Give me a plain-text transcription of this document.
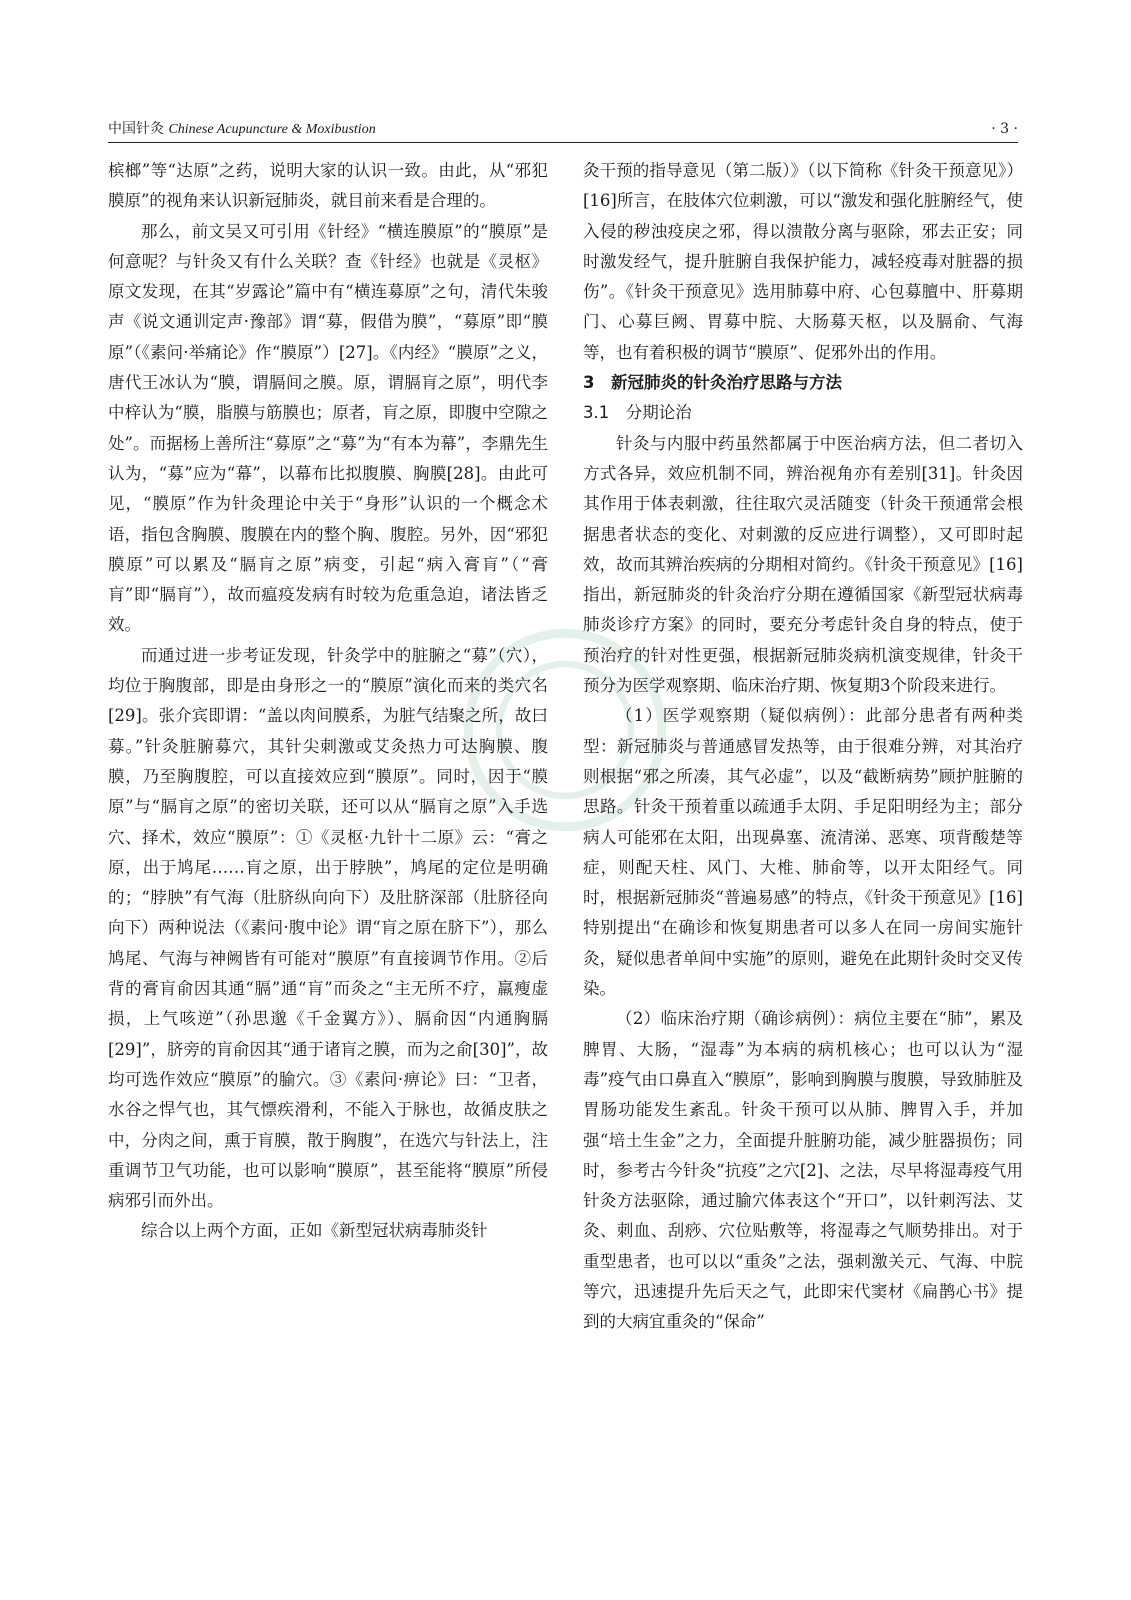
中国针灸 Chinese Acupuncture & Moxibustion	· 3 ·

槟榔”等“达原”之药，说明大家的认识一致。由此，从“邪犯膜原”的视角来认识新冠肺炎，就目前来看是合理的。

那么，前文吴又可引用《针经》“横连膜原”的“膜原”是何意呢？与针灸又有什么关联？查《针经》也就是《灵枢》原文发现，在其“岁露论”篇中有“横连募原”之句，清代朱骏声《说文通训定声·豫部》谓“募，假借为膜”，“募原”即“膜原”（《素问·举痛论》作“膜原”）[27]。《内经》“膜原”之义，唐代王冰认为“膜，谓膈间之膜。原，谓膈肓之原”，明代李中梓认为“膜，脂膜与筋膜也；原者，肓之原，即腹中空隙之处”。而据杨上善所注“募原”之“募”为“有本为幕”，李鼎先生认为，“募”应为“幕”，以幕布比拟腹膜、胸膜[28]。由此可见，“膜原”作为针灸理论中关于“身形”认识的一个概念术语，指包含胸膜、腹膜在内的整个胸、腹腔。另外，因“邪犯膜原”可以累及“膈肓之原”病变，引起“病入膏肓”（“膏肓”即“膈肓”），故而瘟疫发病有时较为危重急迫，诸法皆乏效。

而通过进一步考证发现，针灸学中的脏腑之“募”（穴），均位于胸腹部，即是由身形之一的“膜原”演化而来的类穴名[29]。张介宾即谓：“盖以肉间膜系，为脏气结聚之所，故曰募。”针灸脏腑募穴，其针尖刺激或艾灸热力可达胸膜、腹膜，乃至胸腹腔，可以直接效应到“膜原”。同时，因于“膜原”与“膈肓之原”的密切关联，还可以从“膈肓之原”入手选穴、择术，效应“膜原”：①《灵枢·九针十二原》云：“膏之原，出于鸠尾……肓之原，出于脖胦”，鸠尾的定位是明确的；“脖胦”有气海（肚脐纵向向下）及肚脐深部（肚脐径向向下）两种说法（《素问·腹中论》谓“肓之原在脐下”），那么鸠尾、气海与神阙皆有可能对“膜原”有直接调节作用。②后背的膏肓俞因其通“膈”通“肓”而灸之“主无所不疗，羸瘦虚损，上气咳逆”（孙思邈《千金翼方》）、膈俞因“内通胸膈[29]”，脐旁的肓俞因其“通于诸肓之膜，而为之俞[30]”，故均可选作效应“膜原”的腧穴。③《素问·痹论》曰：“卫者，水谷之悍气也，其气慓疾滑利，不能入于脉也，故循皮肤之中，分肉之间，熏于肓膜，散于胸腹”，在选穴与针法上，注重调节卫气功能，也可以影响“膜原”，甚至能将“膜原”所侵病邪引而外出。

综合以上两个方面，正如《新型冠状病毒肺炎针

灸干预的指导意见（第二版）》（以下简称《针灸干预意见》）[16]所言，在肢体穴位刺激，可以“激发和强化脏腑经气，使入侵的秽浊疫戾之邪，得以溃散分离与驱除，邪去正安；同时激发经气，提升脏腑自我保护能力，减轻疫毒对脏器的损伤”。《针灸干预意见》选用肺募中府、心包募膻中、肝募期门、心募巨阙、胃募中脘、大肠募天枢，以及膈俞、气海等，也有着积极的调节“膜原”、促邪外出的作用。

3　新冠肺炎的针灸治疗思路与方法
3.1　分期论治

针灸与内服中药虽然都属于中医治病方法，但二者切入方式各异，效应机制不同，辨治视角亦有差别[31]。针灸因其作用于体表刺激，往往取穴灵活随变（针灸干预通常会根据患者状态的变化、对刺激的反应进行调整），又可即时起效，故而其辨治疾病的分期相对简约。《针灸干预意见》[16]指出，新冠肺炎的针灸治疗分期在遵循国家《新型冠状病毒肺炎诊疗方案》的同时，要充分考虑针灸自身的特点，使于预治疗的针对性更强，根据新冠肺炎病机演变规律，针灸干预分为医学观察期、临床治疗期、恢复期3个阶段来进行。

（1）医学观察期（疑似病例）：此部分患者有两种类型：新冠肺炎与普通感冒发热等，由于很难分辨，对其治疗则根据“邪之所凑，其气必虚”，以及“截断病势”顾护脏腑的思路。针灸干预着重以疏通手太阴、手足阳明经为主；部分病人可能邪在太阳，出现鼻塞、流清涕、恶寒、项背酸楚等症，则配天柱、风门、大椎、肺俞等，以开太阳经气。同时，根据新冠肺炎“普遍易感”的特点，《针灸干预意见》[16]特别提出“在确诊和恢复期患者可以多人在同一房间实施针灸，疑似患者单间中实施”的原则，避免在此期针灸时交叉传染。

（2）临床治疗期（确诊病例）：病位主要在“肺”，累及脾胃、大肠，“湿毒”为本病的病机核心；也可以认为“湿毒”疫气由口鼻直入“膜原”，影响到胸膜与腹膜，导致肺脏及胃肠功能发生紊乱。针灸干预可以从肺、脾胃入手，并加强“培土生金”之力，全面提升脏腑功能，减少脏器损伤；同时，参考古今针灸“抗疫”之穴[2]、之法，尽早将湿毒疫气用针灸方法驱除，通过腧穴体表这个“开口”，以针刺泻法、艾灸、刺血、刮痧、穴位贴敷等，将湿毒之气顺势排出。对于重型患者，也可以以“重灸”之法，强刺激关元、气海、中脘等穴，迅速提升先后天之气，此即宋代窦材《扁鹊心书》提到的大病宜重灸的“保命”
